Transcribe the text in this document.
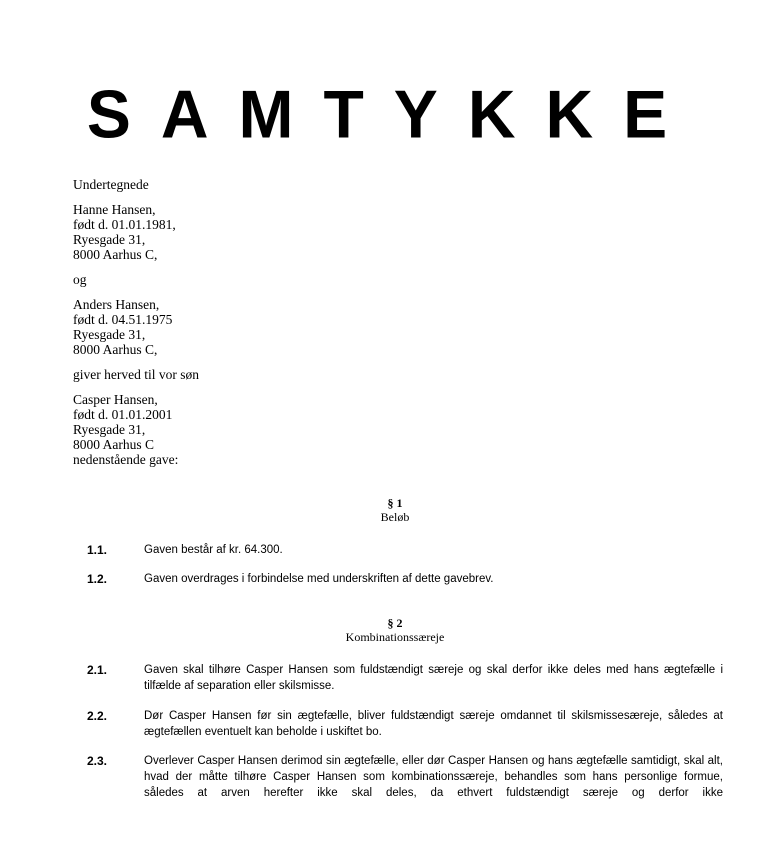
SAMTYKKE
Undertegnede
Hanne Hansen,
født d. 01.01.1981,
Ryesgade 31,
8000 Aarhus C,
og
Anders Hansen,
født d. 04.51.1975
Ryesgade 31,
8000 Aarhus C,
giver herved til vor søn
Casper Hansen,
født d. 01.01.2001
Ryesgade 31,
8000 Aarhus C
nedenstående gave:
§ 1
Beløb
1.1.	Gaven består af kr. 64.300.
1.2.	Gaven overdrages i forbindelse med underskriften af dette gavebrev.
§ 2
Kombinationssæreje
2.1.	Gaven skal tilhøre Casper Hansen som fuldstændigt særeje og skal derfor ikke deles med hans ægtefælle i tilfælde af separation eller skilsmisse.
2.2.	Dør Casper Hansen før sin ægtefælle, bliver fuldstændigt særeje omdannet til skilsmissesæreje, således at ægtefællen eventuelt kan beholde i uskiftet bo.
2.3.	Overlever Casper Hansen derimod sin ægtefælle, eller dør Casper Hansen og hans ægtefælle samtidigt, skal alt, hvad der måtte tilhøre Casper Hansen som kombinationssæreje, behandles som hans personlige formue, således at arven herefter ikke skal deles, da ethvert fuldstændigt særeje og derfor ikke
